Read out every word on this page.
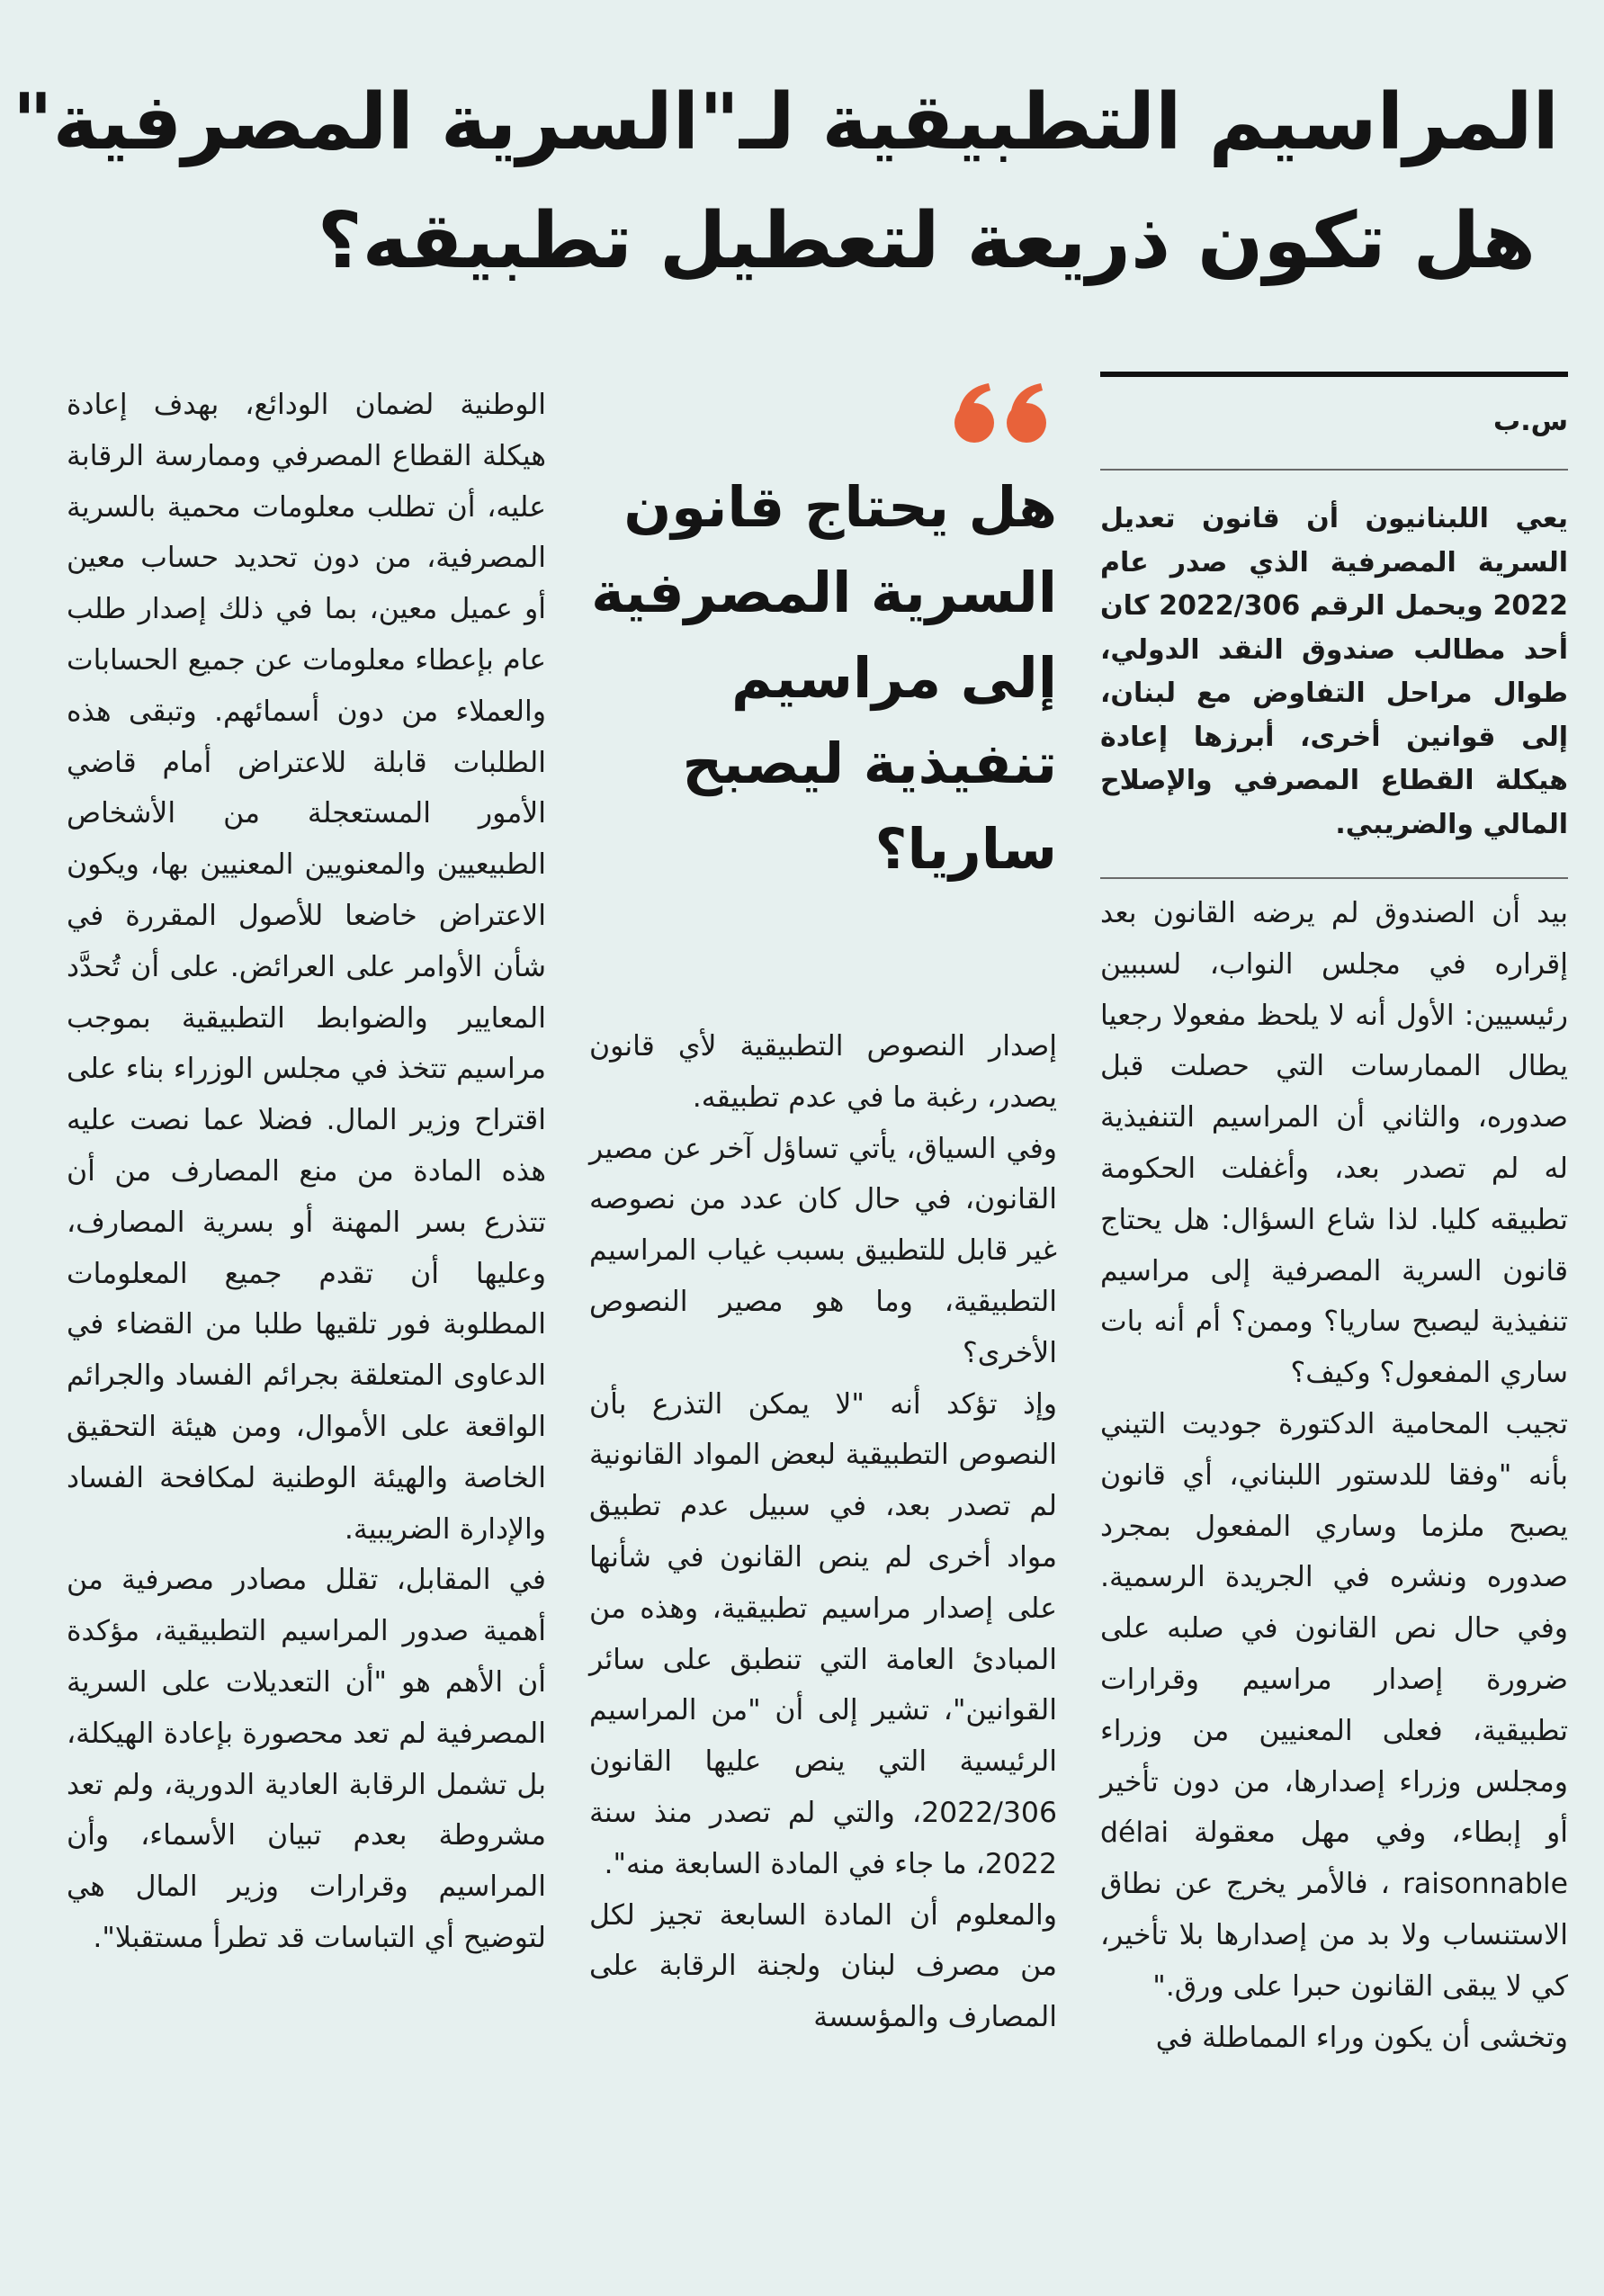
المراسيم التطبيقية لـ"السرية المصرفية"
هل تكون ذريعة لتعطيل تطبيقه؟
س.ب

يعي اللبنانيون أن قانون تعديل السرية المصرفية الذي صدر عام 2022 ويحمل الرقم 2022/306 كان أحد مطالب صندوق النقد الدولي، طوال مراحل التفاوض مع لبنان، إلى قوانين أخرى، أبرزها إعادة هيكلة القطاع المصرفي والإصلاح المالي والضريبي.

بيد أن الصندوق لم يرضه القانون بعد إقراره في مجلس النواب، لسببين رئيسيين: الأول أنه لا يلحظ مفعولا رجعيا يطال الممارسات التي حصلت قبل صدوره، والثاني أن المراسيم التنفيذية له لم تصدر بعد، وأغفلت الحكومة تطبيقه كليا. لذا شاع السؤال: هل يحتاج قانون السرية المصرفية إلى مراسيم تنفيذية ليصبح ساريا؟ وممن؟ أم أنه بات ساري المفعول؟ وكيف؟

تجيب المحامية الدكتورة جوديت التيني بأنه "وفقا للدستور اللبناني، أي قانون يصبح ملزما وساري المفعول بمجرد صدوره ونشره في الجريدة الرسمية. وفي حال نص القانون في صلبه على ضرورة إصدار مراسيم وقرارات تطبيقية، فعلى المعنيين من وزراء ومجلس وزراء إصدارها، من دون تأخير أو إبطاء، وفي مهل معقولة délai raisonnable ، فالأمر يخرج عن نطاق الاستنساب ولا بد من إصدارها بلا تأخير، كي لا يبقى القانون حبرا على ورق."

وتخشى أن يكون وراء المماطلة في

هل يحتاج قانون السرية المصرفية إلى مراسيم تنفيذية ليصبح ساريا؟

إصدار النصوص التطبيقية لأي قانون يصدر، رغبة ما في عدم تطبيقه.

وفي السياق، يأتي تساؤل آخر عن مصير القانون، في حال كان عدد من نصوصه غير قابل للتطبيق بسبب غياب المراسيم التطبيقية، وما هو مصير النصوص الأخرى؟

وإذ تؤكد أنه "لا يمكن التذرع بأن النصوص التطبيقية لبعض المواد القانونية لم تصدر بعد، في سبيل عدم تطبيق مواد أخرى لم ينص القانون في شأنها على إصدار مراسيم تطبيقية، وهذه من المبادئ العامة التي تنطبق على سائر القوانين"، تشير إلى أن "من المراسيم الرئيسية التي ينص عليها القانون 2022/306، والتي لم تصدر منذ سنة 2022، ما جاء في المادة السابعة منه".

والمعلوم أن المادة السابعة تجيز لكل من مصرف لبنان ولجنة الرقابة على المصارف والمؤسسة

الوطنية لضمان الودائع، بهدف إعادة هيكلة القطاع المصرفي وممارسة الرقابة عليه، أن تطلب معلومات محمية بالسرية المصرفية، من دون تحديد حساب معين أو عميل معين، بما في ذلك إصدار طلب عام بإعطاء معلومات عن جميع الحسابات والعملاء من دون أسمائهم. وتبقى هذه الطلبات قابلة للاعتراض أمام قاضي الأمور المستعجلة من الأشخاص الطبيعيين والمعنويين المعنيين بها، ويكون الاعتراض خاضعا للأصول المقررة في شأن الأوامر على العرائض. على أن تُحدَّد المعايير والضوابط التطبيقية بموجب مراسيم تتخذ في مجلس الوزراء بناء على اقتراح وزير المال. فضلا عما نصت عليه هذه المادة من منع المصارف من أن تتذرع بسر المهنة أو بسرية المصارف، وعليها أن تقدم جميع المعلومات المطلوبة فور تلقيها طلبا من القضاء في الدعاوى المتعلقة بجرائم الفساد والجرائم الواقعة على الأموال، ومن هيئة التحقيق الخاصة والهيئة الوطنية لمكافحة الفساد والإدارة الضريبية.

في المقابل، تقلل مصادر مصرفية من أهمية صدور المراسيم التطبيقية، مؤكدة أن الأهم هو "أن التعديلات على السرية المصرفية لم تعد محصورة بإعادة الهيكلة، بل تشمل الرقابة العادية الدورية، ولم تعد مشروطة بعدم تبيان الأسماء، وأن المراسيم وقرارات وزير المال هي لتوضيح أي التباسات قد تطرأ مستقبلا".
